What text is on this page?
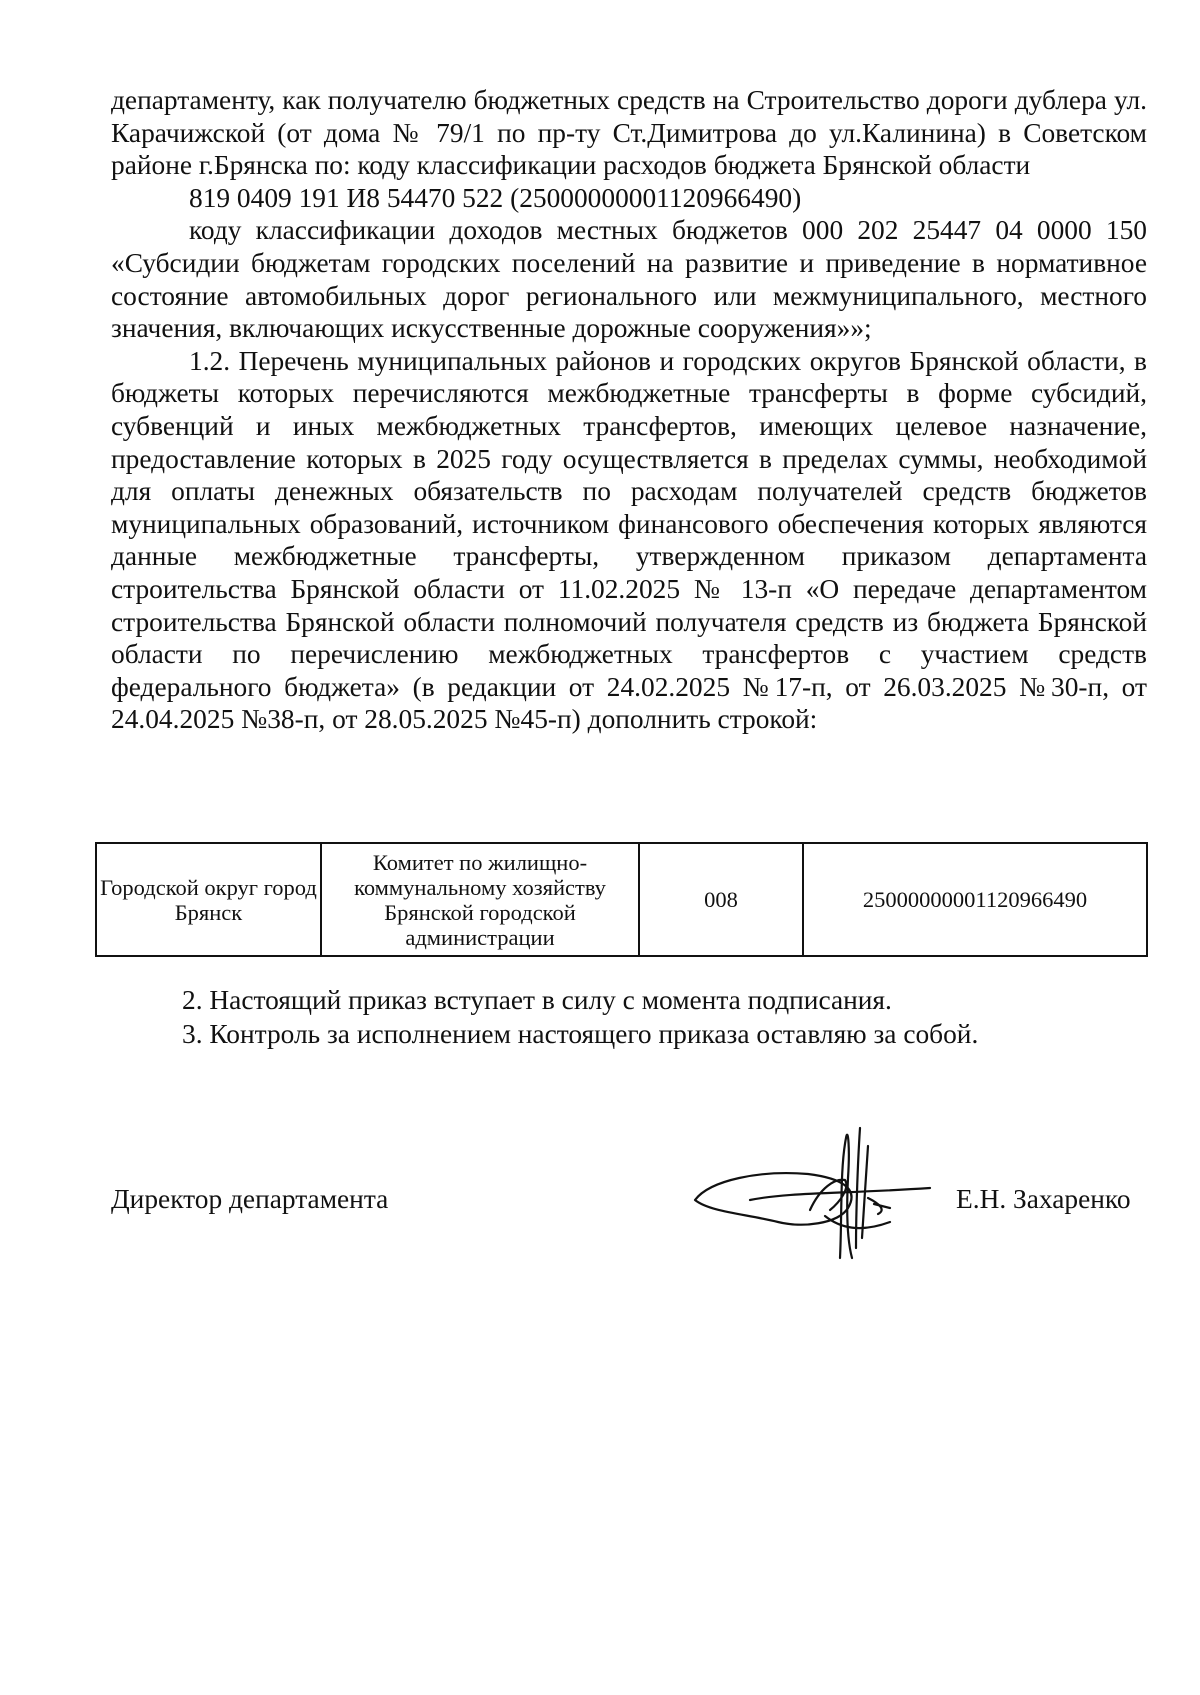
департаменту, как получателю бюджетных средств на Строительство дороги дублера ул. Карачижской (от дома № 79/1 по пр-ту Ст.Димитрова до ул.Калинина) в Советском районе г.Брянска по: коду классификации расходов бюджета Брянской области

819 0409 191 И8 54470 522 (25000000001120966490)

коду классификации доходов местных бюджетов 000 202 25447 04 0000 150 «Субсидии бюджетам городских поселений на развитие и приведение в нормативное состояние автомобильных дорог регионального или межмуниципального, местного значения, включающих искусственные дорожные сооружения»»;

1.2. Перечень муниципальных районов и городских округов Брянской области, в бюджеты которых перечисляются межбюджетные трансферты в форме субсидий, субвенций и иных межбюджетных трансфертов, имеющих целевое назначение, предоставление которых в 2025 году осуществляется в пределах суммы, необходимой для оплаты денежных обязательств по расходам получателей средств бюджетов муниципальных образований, источником финансового обеспечения которых являются данные межбюджетные трансферты, утвержденном приказом департамента строительства Брянской области от 11.02.2025 № 13-п «О передаче департаментом строительства Брянской области полномочий получателя средств из бюджета Брянской области по перечислению межбюджетных трансфертов с участием средств федерального бюджета» (в редакции от 24.02.2025 №17-п, от 26.03.2025 №30-п, от 24.04.2025 №38-п, от 28.05.2025 №45-п) дополнить строкой:

Городской округ город Брянск	Комитет по жилищно-коммунальному хозяйству Брянской городской администрации	008	25000000001120966490

2. Настоящий приказ вступает в силу с момента подписания.

3. Контроль за исполнением настоящего приказа оставляю за собой.

Директор департамента	Е.Н. Захаренко
